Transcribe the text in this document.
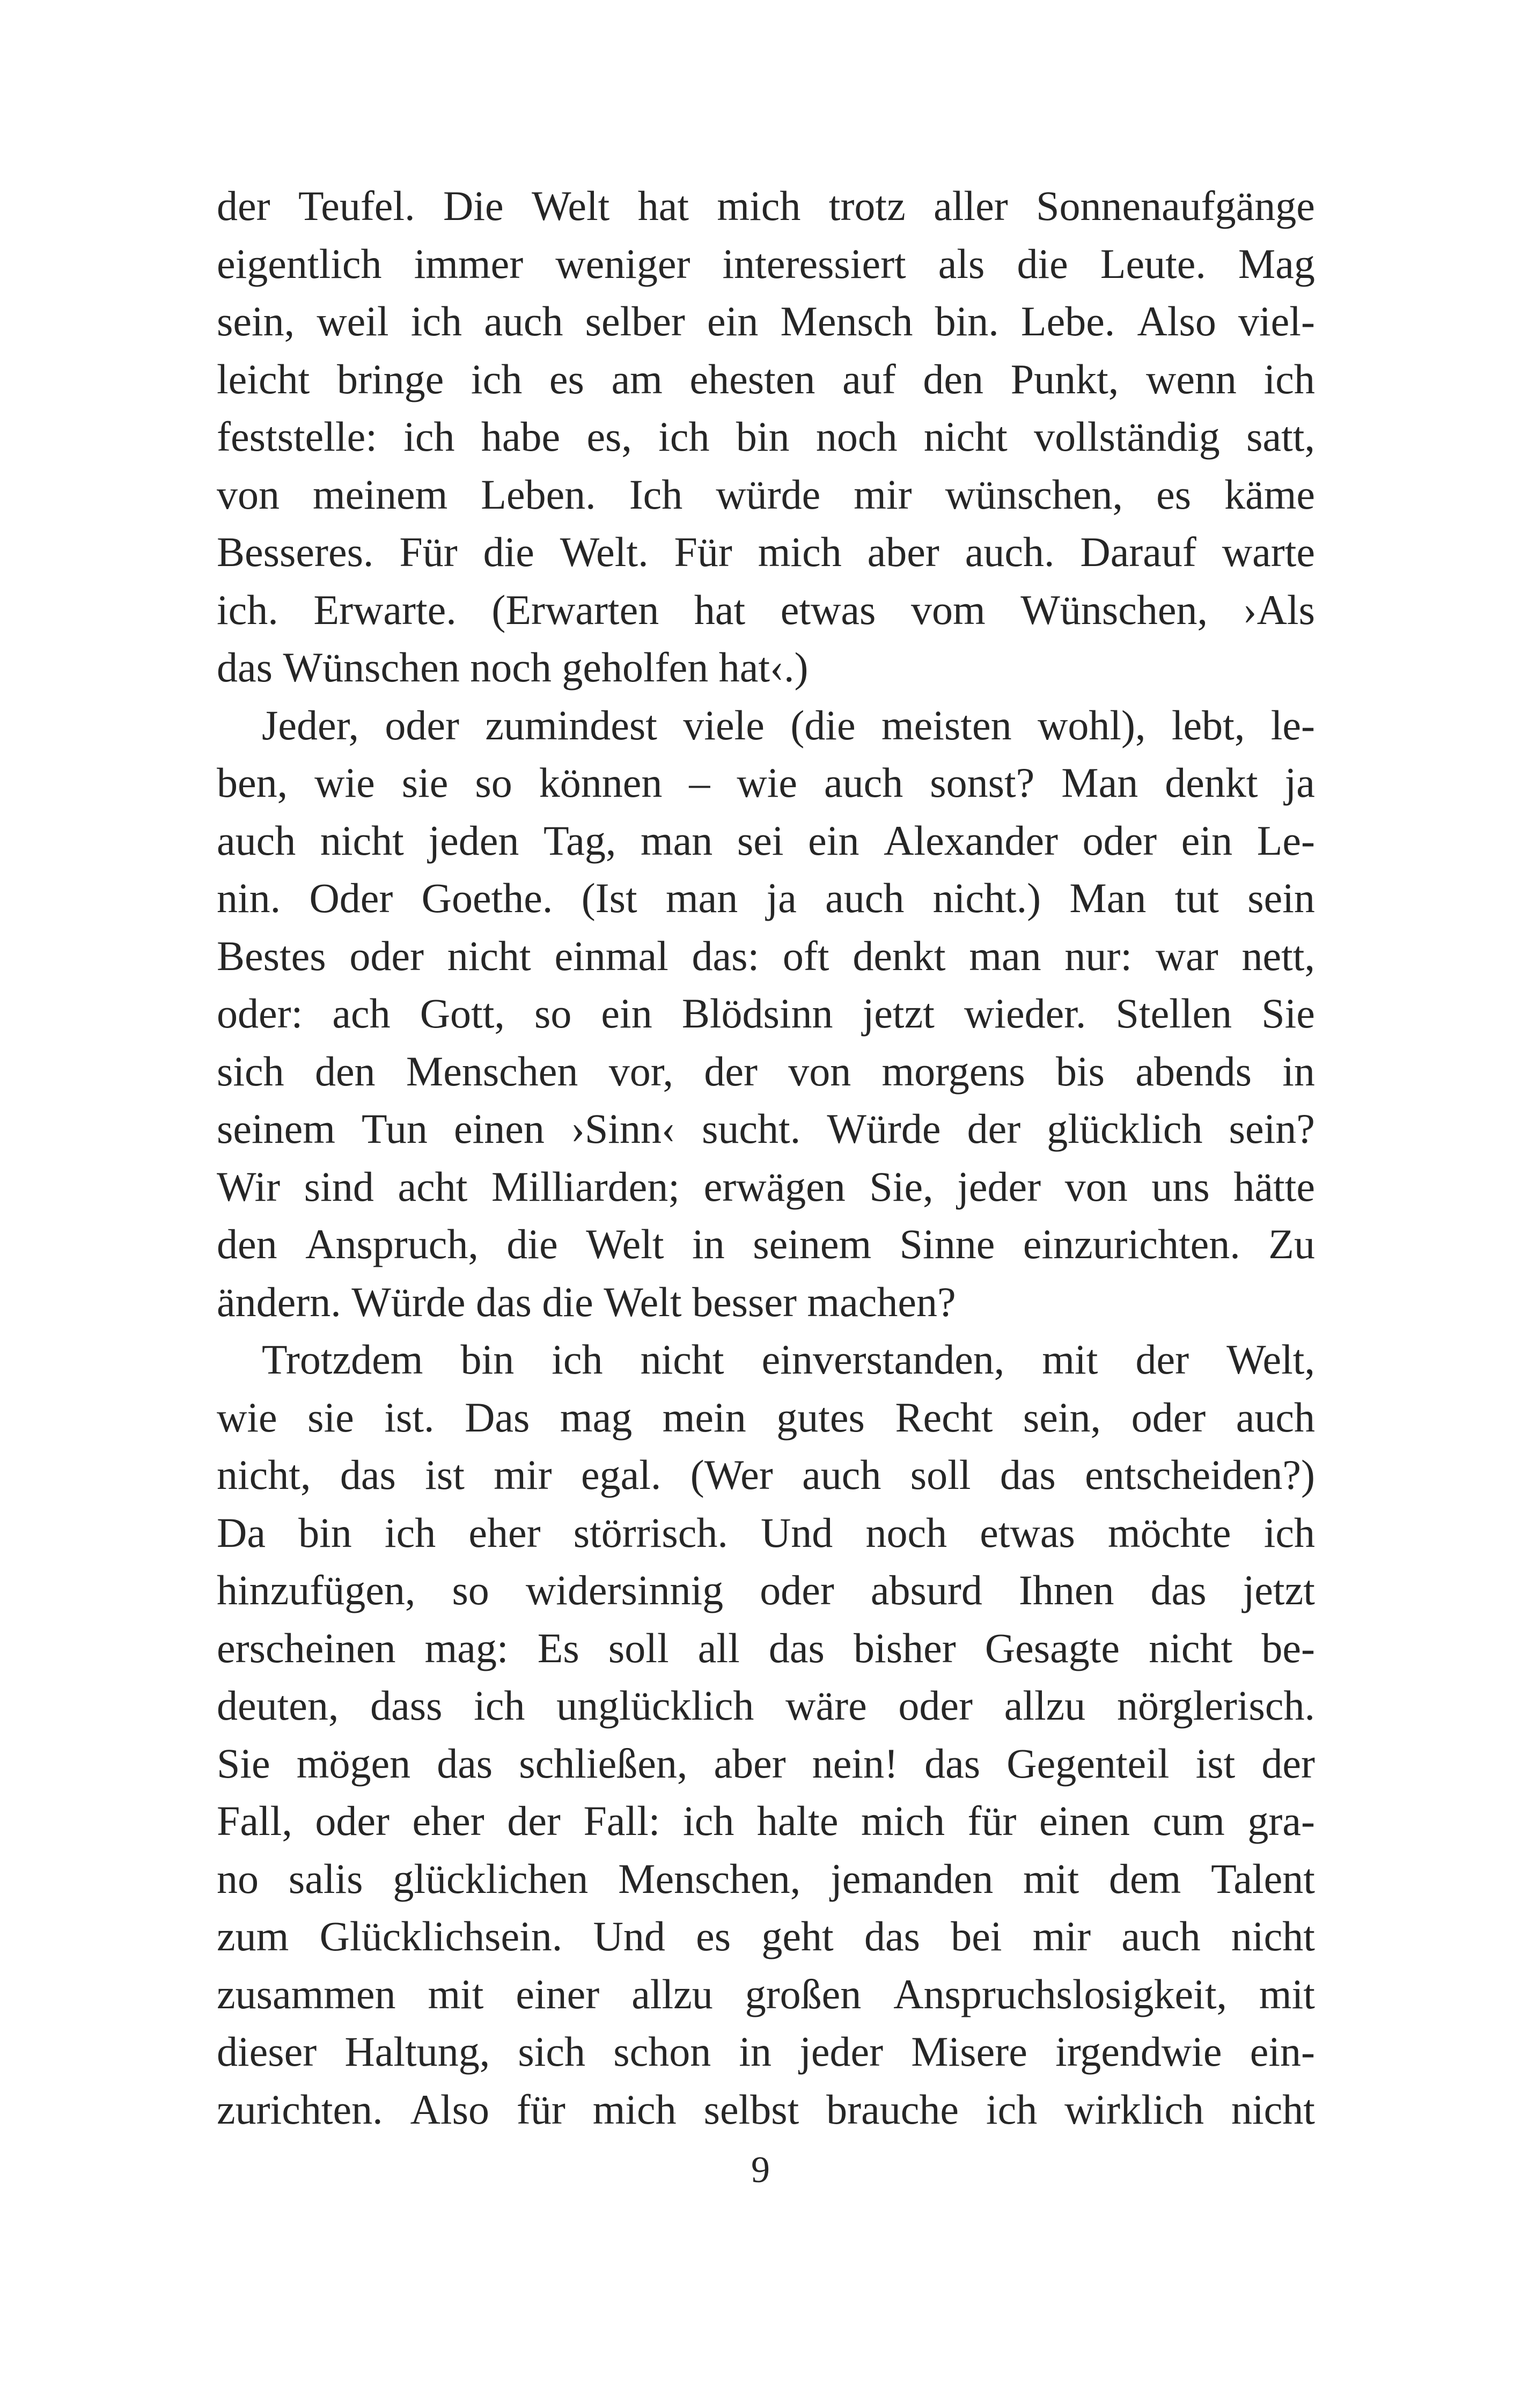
der Teufel. Die Welt hat mich trotz aller Sonnenaufgänge
eigentlich immer weniger interessiert als die Leute. Mag
sein, weil ich auch selber ein Mensch bin. Lebe. Also viel-
leicht bringe ich es am ehesten auf den Punkt, wenn ich
feststelle: ich habe es, ich bin noch nicht vollständig satt,
von meinem Leben. Ich würde mir wünschen, es käme
Besseres. Für die Welt. Für mich aber auch. Darauf warte
ich. Erwarte. (Erwarten hat etwas vom Wünschen, ›Als
das Wünschen noch geholfen hat‹.)
Jeder, oder zumindest viele (die meisten wohl), lebt, le-
ben, wie sie so können – wie auch sonst? Man denkt ja
auch nicht jeden Tag, man sei ein Alexander oder ein Le-
nin. Oder Goethe. (Ist man ja auch nicht.) Man tut sein
Bestes oder nicht einmal das: oft denkt man nur: war nett,
oder: ach Gott, so ein Blödsinn jetzt wieder. Stellen Sie
sich den Menschen vor, der von morgens bis abends in
seinem Tun einen ›Sinn‹ sucht. Würde der glücklich sein?
Wir sind acht Milliarden; erwägen Sie, jeder von uns hätte
den Anspruch, die Welt in seinem Sinne einzurichten. Zu
ändern. Würde das die Welt besser machen?
Trotzdem bin ich nicht einverstanden, mit der Welt,
wie sie ist. Das mag mein gutes Recht sein, oder auch
nicht, das ist mir egal. (Wer auch soll das entscheiden?)
Da bin ich eher störrisch. Und noch etwas möchte ich
hinzufügen, so widersinnig oder absurd Ihnen das jetzt
erscheinen mag: Es soll all das bisher Gesagte nicht be-
deuten, dass ich unglücklich wäre oder allzu nörglerisch.
Sie mögen das schließen, aber nein! das Gegenteil ist der
Fall, oder eher der Fall: ich halte mich für einen cum gra-
no salis glücklichen Menschen, jemanden mit dem Talent
zum Glücklichsein. Und es geht das bei mir auch nicht
zusammen mit einer allzu großen Anspruchslosigkeit, mit
dieser Haltung, sich schon in jeder Misere irgendwie ein-
zurichten. Also für mich selbst brauche ich wirklich nicht
9
